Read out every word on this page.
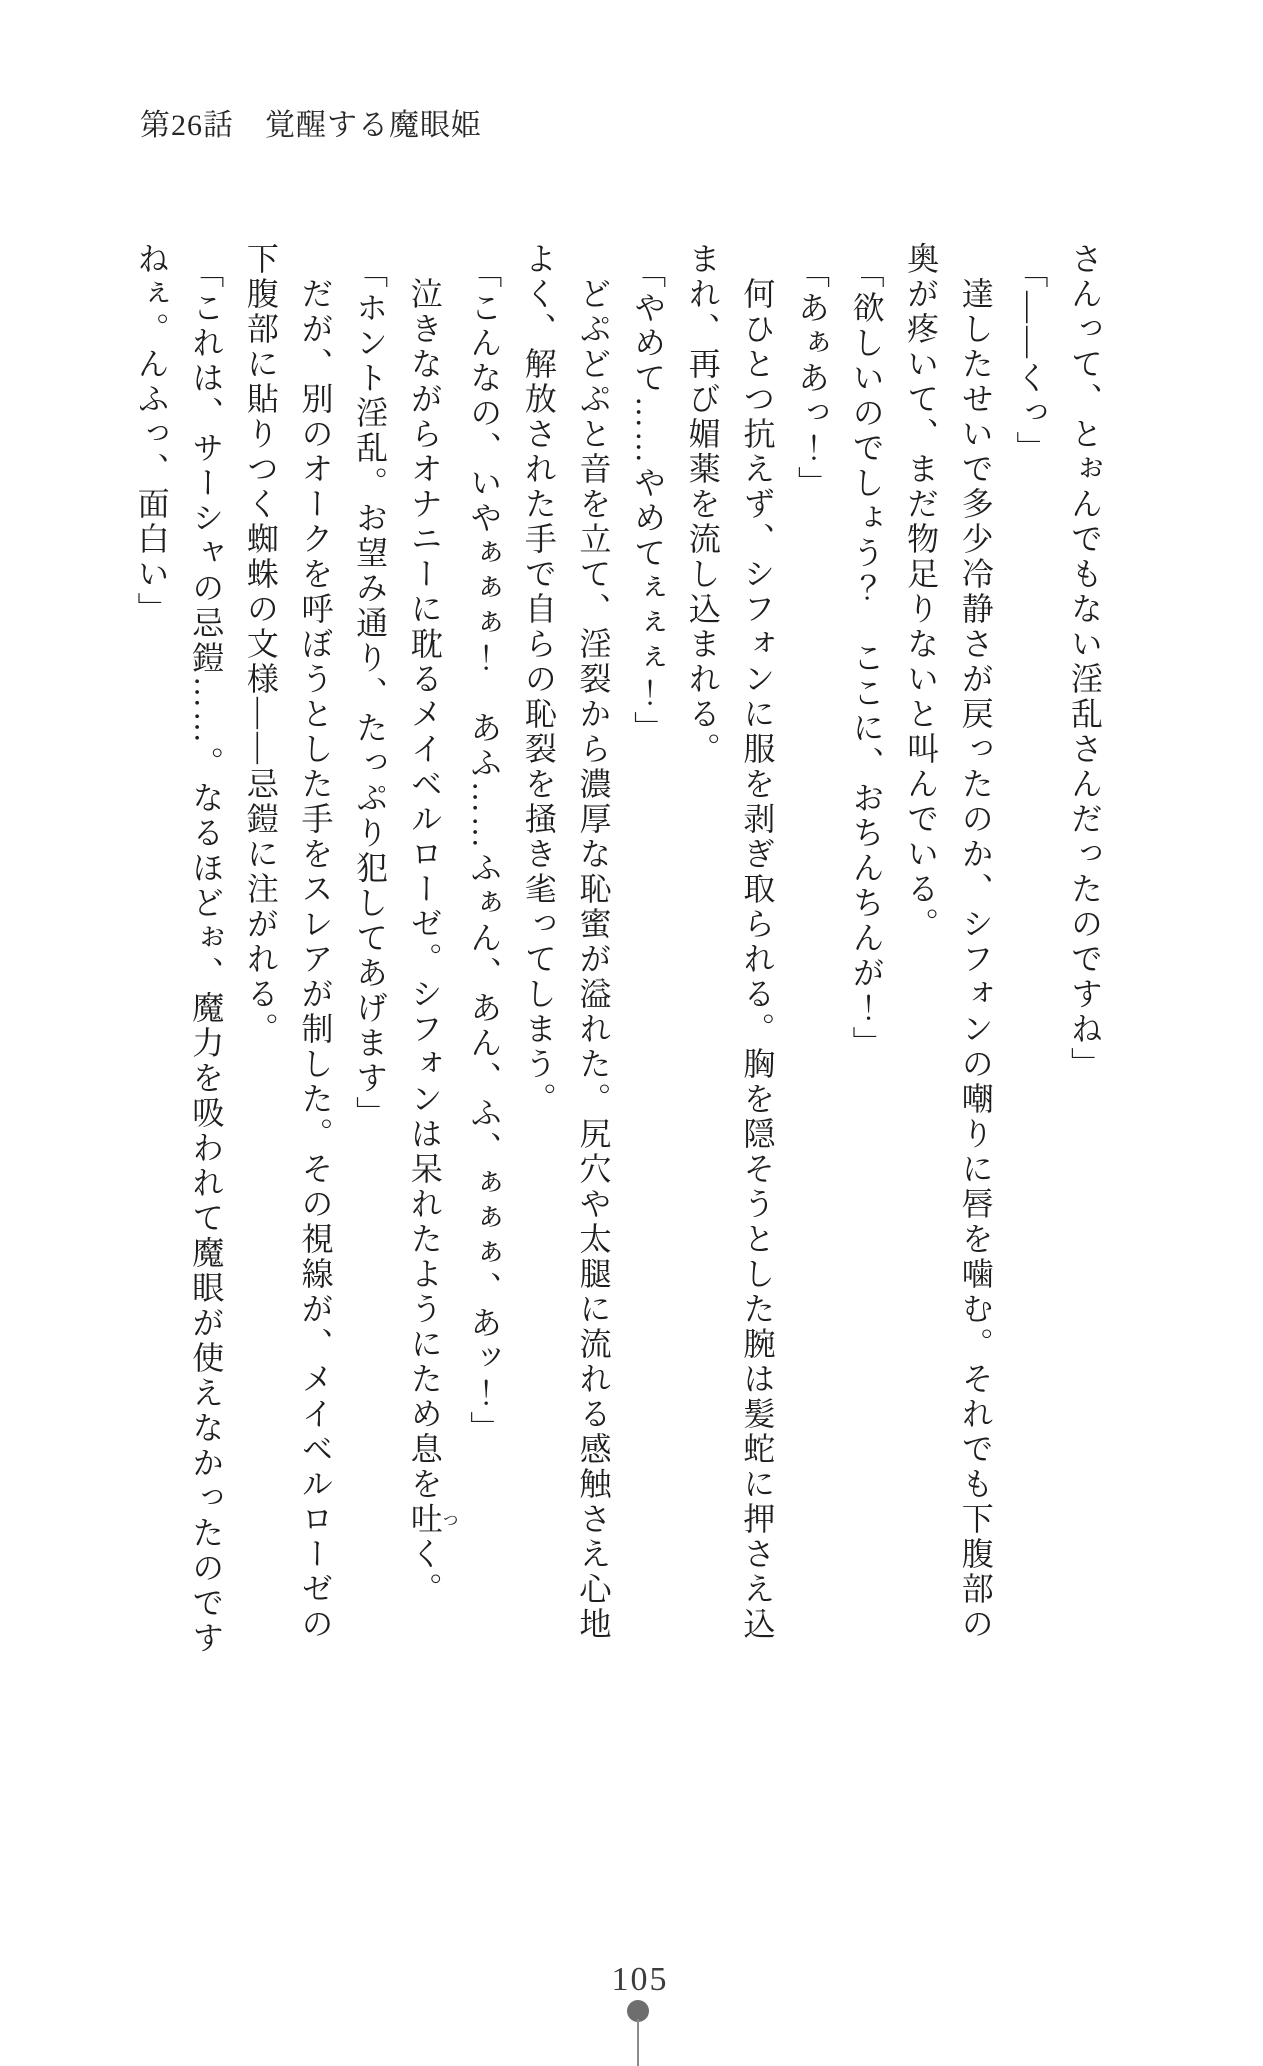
第26話　覚醒する魔眼姫
さんって、とぉんでもない淫乱さんだったのですね」
「——くっ」
　達したせいで多少冷静さが戻ったのか、シフォンの嘲りに唇を噛む。それでも下腹部の
奥が疼いて、まだ物足りないと叫んでいる。
「欲しいのでしょう？　ここに、おちんちんが！」
「あぁあっ！」
　何ひとつ抗えず、シフォンに服を剥ぎ取られる。胸を隠そうとした腕は髪蛇に押さえ込
まれ、再び媚薬を流し込まれる。
「やめて……やめてぇぇぇ！」
　どぷどぷと音を立て、淫裂から濃厚な恥蜜が溢れた。尻穴や太腿に流れる感触さえ心地
よく、解放された手で自らの恥裂を掻き毟ってしまう。
「こんなの、いやぁぁぁ！　あふ……ふぁん、あん、ふ、ぁぁぁ、あッ！」
　泣きながらオナニーに耽るメイベルローゼ。シフォンは呆れたようにため息を吐つく。
「ホント淫乱。お望み通り、たっぷり犯してあげます」
　だが、別のオークを呼ぼうとした手をスレアが制した。その視線が、メイベルローゼの
下腹部に貼りつく蜘蛛の文様——忌鎧に注がれる。
「これは、サーシャの忌鎧……。なるほどぉ、魔力を吸われて魔眼が使えなかったのです
ねぇ。んふっ、面白い」
105
